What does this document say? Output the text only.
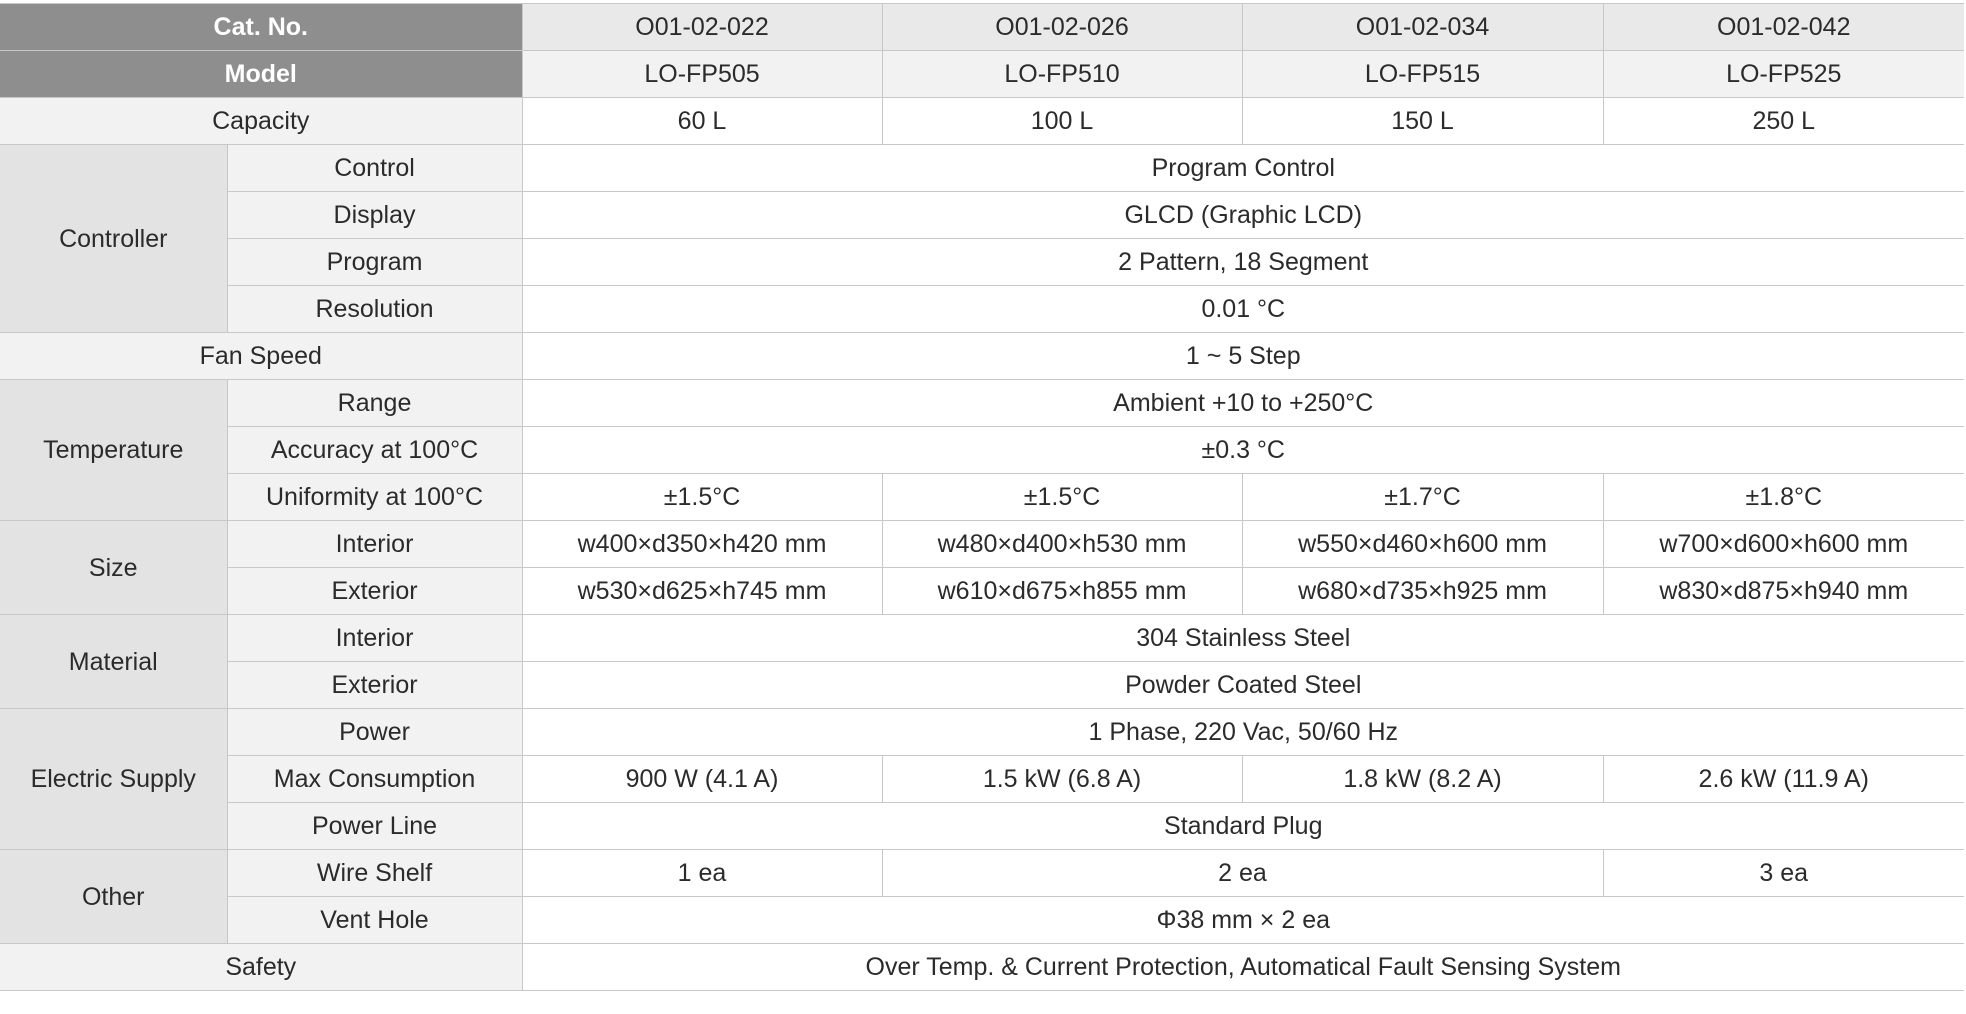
Cat. No.		O01-02-022	O01-02-026	O01-02-034	O01-02-042
Model		LO-FP505	LO-FP510	LO-FP515	LO-FP525
Capacity		60 L	100 L	150 L	250 L
Controller	Control	Program Control			
	Display	GLCD (Graphic LCD)			
	Program	2 Pattern, 18 Segment			
	Resolution	0.01 °C			
Fan Speed		1 ~ 5 Step			
Temperature	Range	Ambient +10 to +250°C			
	Accuracy at 100°C	±0.3 °C			
	Uniformity at 100°C	±1.5°C	±1.5°C	±1.7°C	±1.8°C
Size	Interior	w400×d350×h420 mm	w480×d400×h530 mm	w550×d460×h600 mm	w700×d600×h600 mm
	Exterior	w530×d625×h745 mm	w610×d675×h855 mm	w680×d735×h925 mm	w830×d875×h940 mm
Material	Interior	304 Stainless Steel			
	Exterior	Powder Coated Steel			
Electric Supply	Power	1 Phase, 220 Vac, 50/60 Hz			
	Max Consumption	900 W (4.1 A)	1.5 kW (6.8 A)	1.8 kW (8.2 A)	2.6 kW (11.9 A)
	Power Line	Standard Plug			
Other	Wire Shelf	1 ea	2 ea		3 ea
	Vent Hole	Φ38 mm × 2 ea			
Safety		Over Temp. & Current Protection, Automatical Fault Sensing System			
